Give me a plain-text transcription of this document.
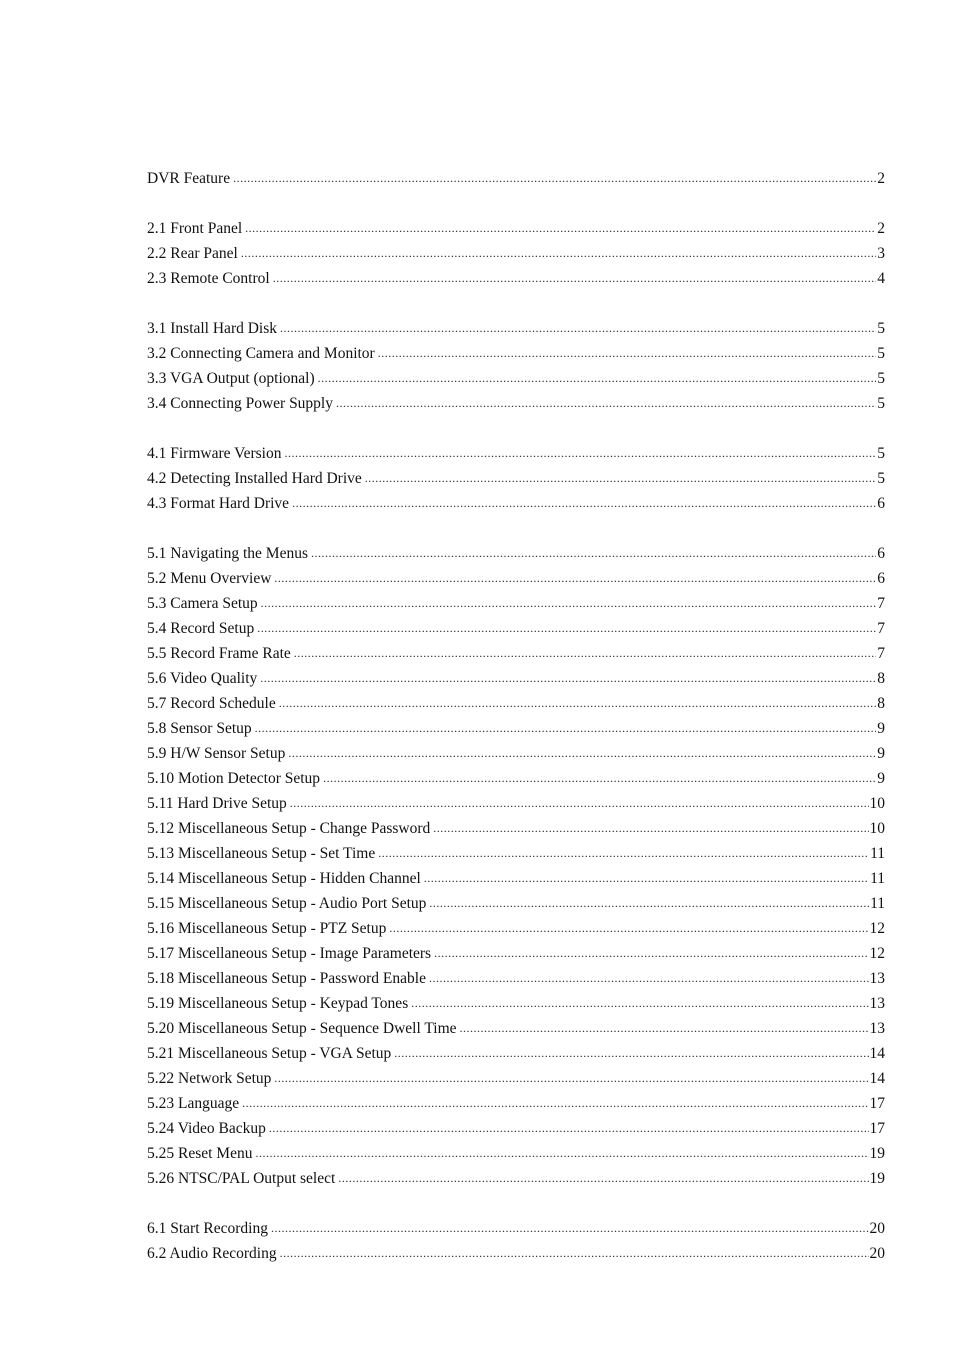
DVR Feature .....	2
2.1 Front Panel .....	2
2.2 Rear Panel .....	3
2.3 Remote Control .....	4
3.1 Install Hard Disk .....	5
3.2 Connecting Camera and Monitor .....	5
3.3 VGA Output (optional) .....	5
3.4 Connecting Power Supply .....	5
4.1 Firmware Version .....	5
4.2 Detecting Installed Hard Drive .....	5
4.3 Format Hard Drive .....	6
5.1 Navigating the Menus .....	6
5.2 Menu Overview .....	6
5.3 Camera Setup .....	7
5.4 Record Setup .....	7
5.5 Record Frame Rate .....	7
5.6 Video Quality .....	8
5.7 Record Schedule .....	8
5.8 Sensor Setup .....	9
5.9 H/W Sensor Setup .....	9
5.10 Motion Detector Setup .....	9
5.11 Hard Drive Setup .....	10
5.12 Miscellaneous Setup - Change Password .....	10
5.13 Miscellaneous Setup - Set Time .....	11
5.14 Miscellaneous Setup - Hidden Channel .....	11
5.15 Miscellaneous Setup - Audio Port Setup .....	11
5.16 Miscellaneous Setup - PTZ Setup .....	12
5.17 Miscellaneous Setup - Image Parameters .....	12
5.18 Miscellaneous Setup - Password Enable .....	13
5.19 Miscellaneous Setup - Keypad Tones .....	13
5.20 Miscellaneous Setup - Sequence Dwell Time .....	13
5.21 Miscellaneous Setup - VGA Setup .....	14
5.22 Network Setup .....	14
5.23 Language .....	17
5.24 Video Backup .....	17
5.25 Reset Menu .....	19
5.26 NTSC/PAL Output select .....	19
6.1 Start Recording .....	20
6.2 Audio Recording .....	20
